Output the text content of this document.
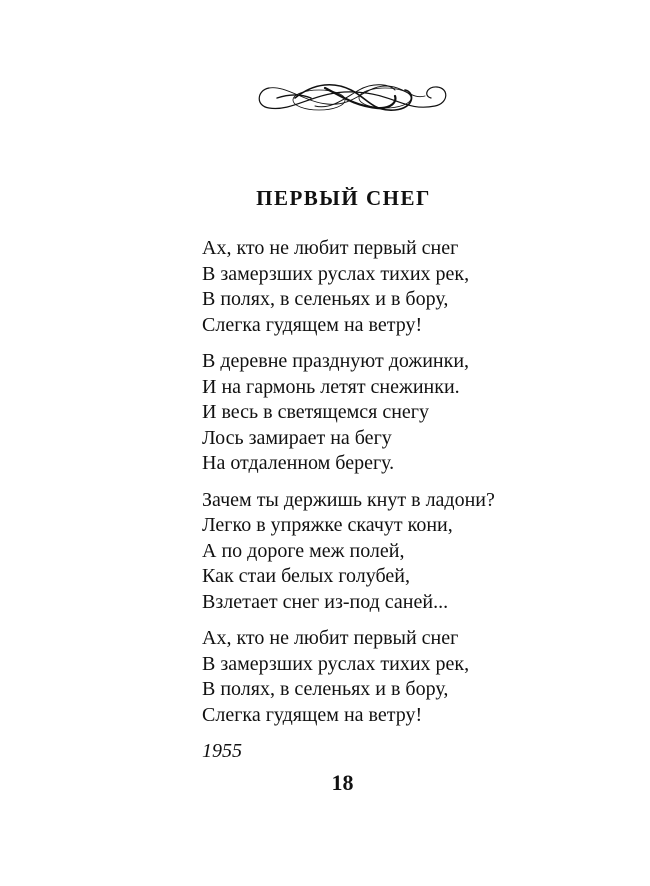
ПЕРВЫЙ СНЕГ
Ах, кто не любит первый снег
В замерзших руслах тихих рек,
В полях, в селеньях и в бору,
Слегка гудящем на ветру!
В деревне празднуют дожинки,
И на гармонь летят снежинки.
И весь в светящемся снегу
Лось замирает на бегу
На отдаленном берегу.
Зачем ты держишь кнут в ладони?
Легко в упряжке скачут кони,
А по дороге меж полей,
Как стаи белых голубей,
Взлетает снег из-под саней...
Ах, кто не любит первый снег
В замерзших руслах тихих рек,
В полях, в селеньях и в бору,
Слегка гудящем на ветру!
1955
18
